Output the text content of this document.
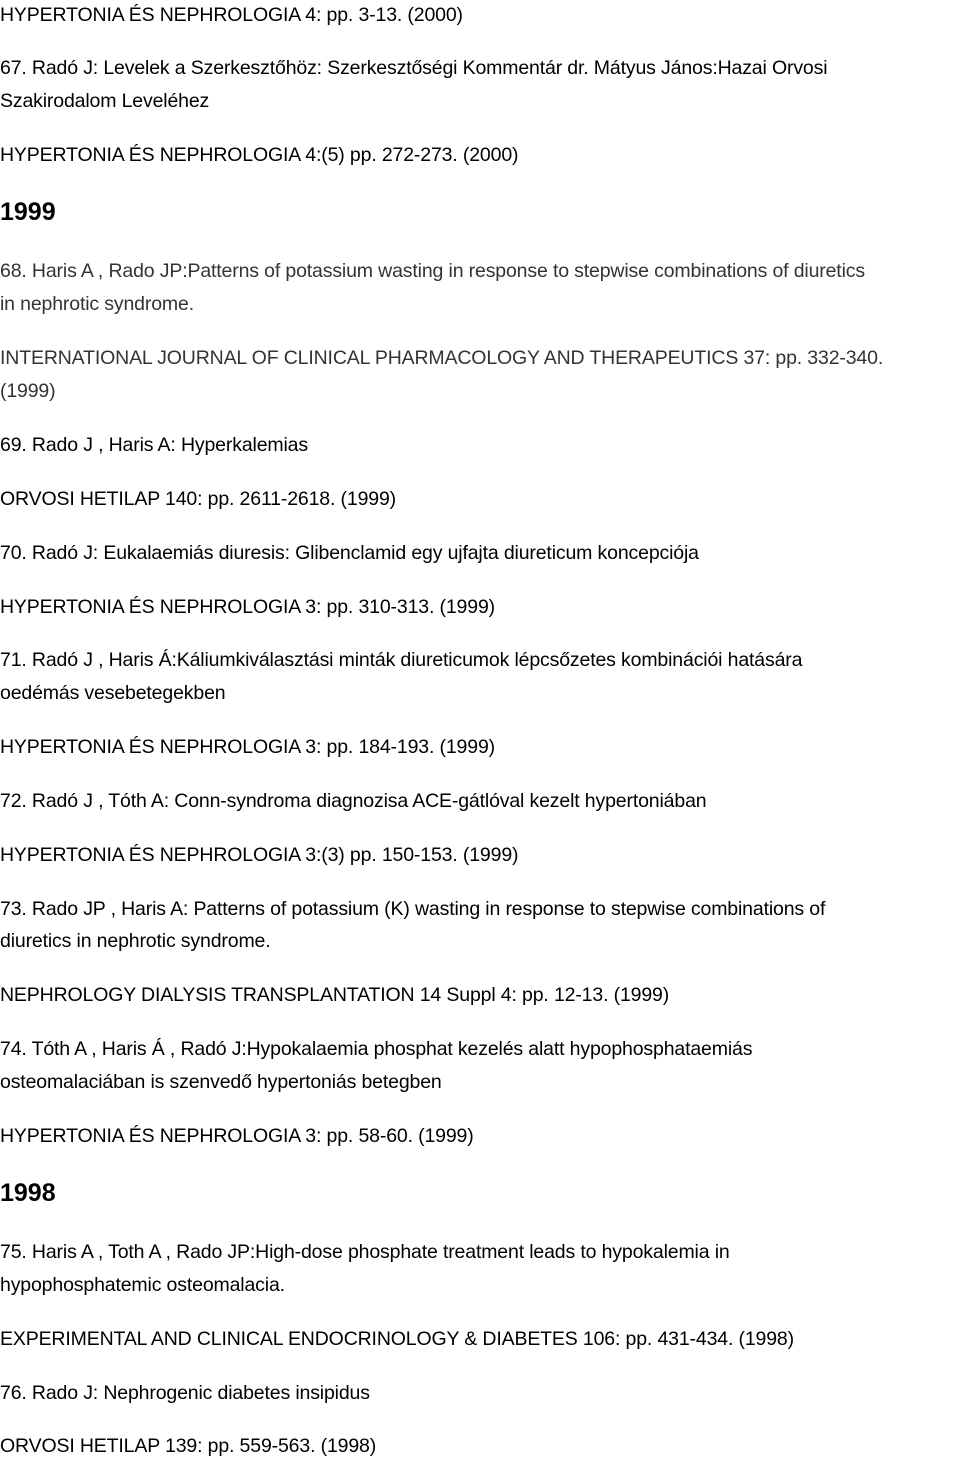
HYPERTONIA ÉS NEPHROLOGIA 4: pp. 3-13. (2000)
67. Radó J: Levelek a Szerkesztőhöz: Szerkesztőségi Kommentár dr. Mátyus János:Hazai Orvosi
Szakirodalom Leveléhez
HYPERTONIA ÉS NEPHROLOGIA 4:(5) pp. 272-273. (2000)
1999
68. Haris A , Rado JP:Patterns of potassium wasting in response to stepwise combinations of diuretics
in nephrotic syndrome.
INTERNATIONAL JOURNAL OF CLINICAL PHARMACOLOGY AND THERAPEUTICS 37: pp. 332-340.
(1999)
69. Rado J , Haris A: Hyperkalemias
ORVOSI HETILAP 140: pp. 2611-2618. (1999)
70. Radó J: Eukalaemiás diuresis: Glibenclamid egy ujfajta diureticum koncepciója
HYPERTONIA ÉS NEPHROLOGIA 3: pp. 310-313. (1999)
71. Radó J , Haris Á:Káliumkiválasztási minták diureticumok lépcsőzetes kombinációi hatására
oedémás vesebetegekben
HYPERTONIA ÉS NEPHROLOGIA 3: pp. 184-193. (1999)
72. Radó J , Tóth A: Conn-syndroma diagnozisa ACE-gátlóval kezelt hypertoniában
HYPERTONIA ÉS NEPHROLOGIA 3:(3) pp. 150-153. (1999)
73. Rado JP , Haris A: Patterns of potassium (K) wasting in response to stepwise combinations of
diuretics in nephrotic syndrome.
NEPHROLOGY DIALYSIS TRANSPLANTATION 14 Suppl 4: pp. 12-13. (1999)
74. Tóth A , Haris Á , Radó J:Hypokalaemia phosphat kezelés alatt hypophosphataemiás
osteomalaciában is szenvedő hypertoniás betegben
HYPERTONIA ÉS NEPHROLOGIA 3: pp. 58-60. (1999)
1998
75. Haris A , Toth A , Rado JP:High-dose phosphate treatment leads to hypokalemia in
hypophosphatemic osteomalacia.
EXPERIMENTAL AND CLINICAL ENDOCRINOLOGY & DIABETES 106: pp. 431-434. (1998)
76. Rado J: Nephrogenic diabetes insipidus
ORVOSI HETILAP 139: pp. 559-563. (1998)
